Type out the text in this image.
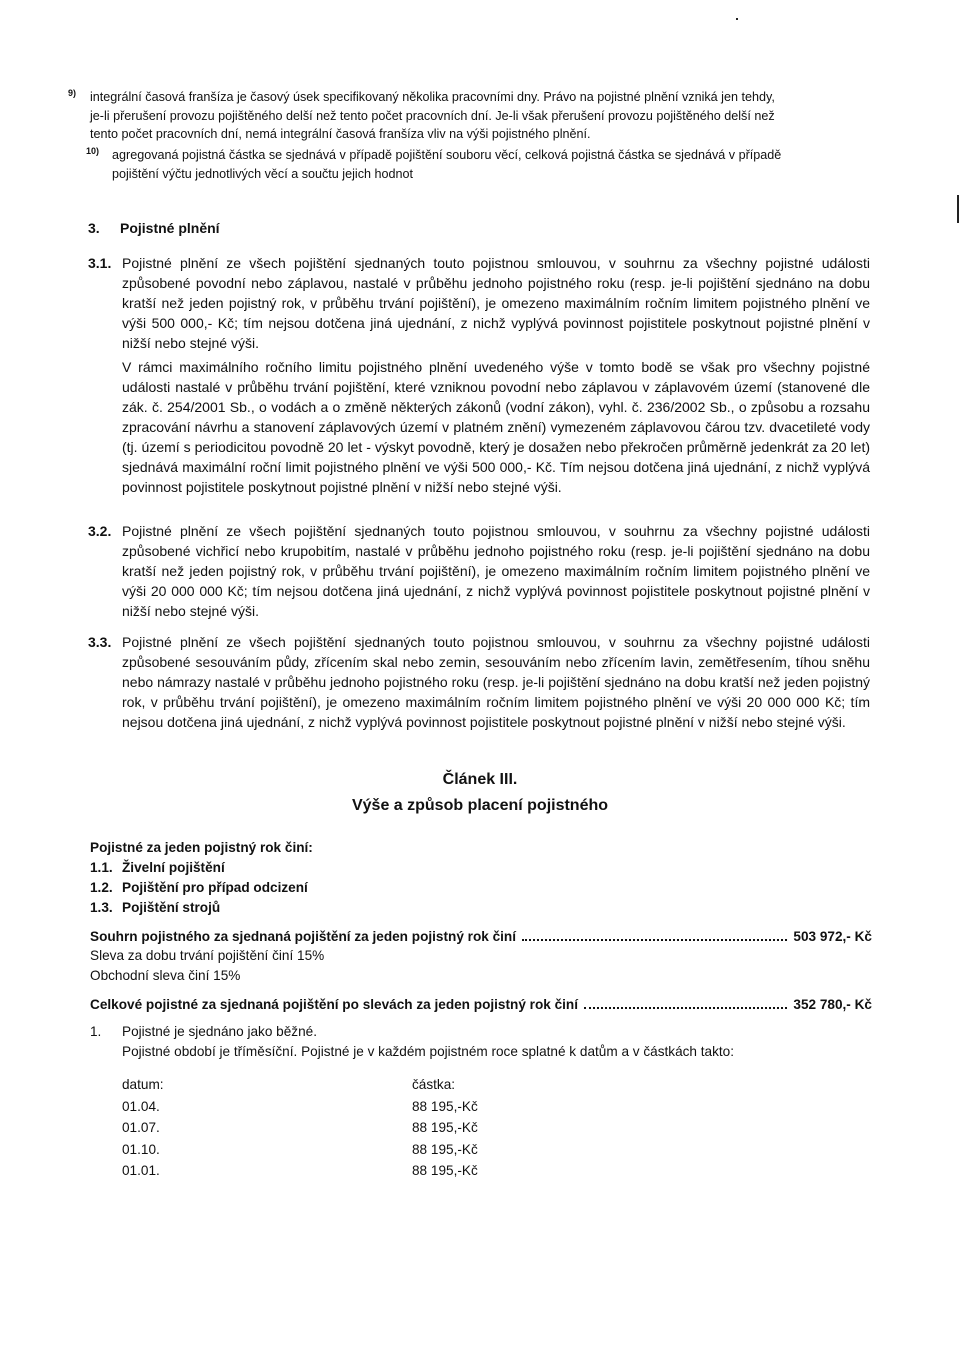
9) integrální časová franšíza je časový úsek specifikovaný několika pracovními dny. Právo na pojistné plnění vzniká jen tehdy,
je-li přerušení provozu pojištěného delší než tento počet pracovních dní. Je-li však přerušení provozu pojištěného delší než
tento počet pracovních dní, nemá integrální časová franšíza vliv na výši pojistného plnění.
10) agregovaná pojistná částka se sjednává v případě pojištění souboru věcí, celková pojistná částka se sjednává v případě
pojištění výčtu jednotlivých věcí a součtu jejich hodnot
3. Pojistné plnění
3.1. Pojistné plnění ze všech pojištění sjednaných touto pojistnou smlouvou, v souhrnu za všechny pojistné události způsobené povodní nebo záplavou, nastalé v průběhu jednoho pojistného roku (resp. je-li pojištění sjednáno na dobu kratší než jeden pojistný rok, v průběhu trvání pojištění), je omezeno maximálním ročním limitem pojistného plnění ve výši 500 000,- Kč; tím nejsou dotčena jiná ujednání, z nichž vyplývá povinnost pojistitele poskytnout pojistné plnění v nižší nebo stejné výši.
V rámci maximálního ročního limitu pojistného plnění uvedeného výše v tomto bodě se však pro všechny pojistné události nastalé v průběhu trvání pojištění, které vzniknou povodní nebo záplavou v záplavovém území (stanovené dle zák. č. 254/2001 Sb., o vodách a o změně některých zákonů (vodní zákon), vyhl. č. 236/2002 Sb., o způsobu a rozsahu zpracování návrhu a stanovení záplavových území v platném znění) vymezeném záplavovou čárou tzv. dvacetileté vody (tj. území s periodicitou povodně 20 let - výskyt povodně, který je dosažen nebo překročen průměrně jedenkrát za 20 let) sjednává maximální roční limit pojistného plnění ve výši 500 000,- Kč. Tím nejsou dotčena jiná ujednání, z nichž vyplývá povinnost pojistitele poskytnout pojistné plnění v nižší nebo stejné výši.
3.2. Pojistné plnění ze všech pojištění sjednaných touto pojistnou smlouvou, v souhrnu za všechny pojistné události způsobené vichřicí nebo krupobitím, nastalé v průběhu jednoho pojistného roku (resp. je-li pojištění sjednáno na dobu kratší než jeden pojistný rok, v průběhu trvání pojištění), je omezeno maximálním ročním limitem pojistného plnění ve výši 20 000 000 Kč; tím nejsou dotčena jiná ujednání, z nichž vyplývá povinnost pojistitele poskytnout pojistné plnění v nižší nebo stejné výši.
3.3. Pojistné plnění ze všech pojištění sjednaných touto pojistnou smlouvou, v souhrnu za všechny pojistné události způsobené sesouváním půdy, zřícením skal nebo zemin, sesouváním nebo zřícením lavin, zemětřesením, tíhou sněhu nebo námrazy nastalé v průběhu jednoho pojistného roku (resp. je-li pojištění sjednáno na dobu kratší než jeden pojistný rok, v průběhu trvání pojištění), je omezeno maximálním ročním limitem pojistného plnění ve výši 20 000 000 Kč; tím nejsou dotčena jiná ujednání, z nichž vyplývá povinnost pojistitele poskytnout pojistné plnění v nižší nebo stejné výši.
Článek III.
Výše a způsob placení pojistného
Pojistné za jeden pojistný rok činí:
1.1. Živelní pojištění
1.2. Pojištění pro případ odcizení
1.3. Pojištění strojů
Souhrn pojistného za sjednaná pojištění za jeden pojistný rok činí	503 972,- Kč
Sleva za dobu trvání pojištění činí 15%
Obchodní sleva činí 15%
Celkové pojistné za sjednaná pojištění po slevách za jeden pojistný rok činí	352 780,- Kč
1. Pojistné je sjednáno jako běžné.
Pojistné období je tříměsíční. Pojistné je v každém pojistném roce splatné k datům a v částkách takto:
datum:
01.04.
01.07.
01.10.
01.01.
částka:
88 195,-Kč
88 195,-Kč
88 195,-Kč
88 195,-Kč
